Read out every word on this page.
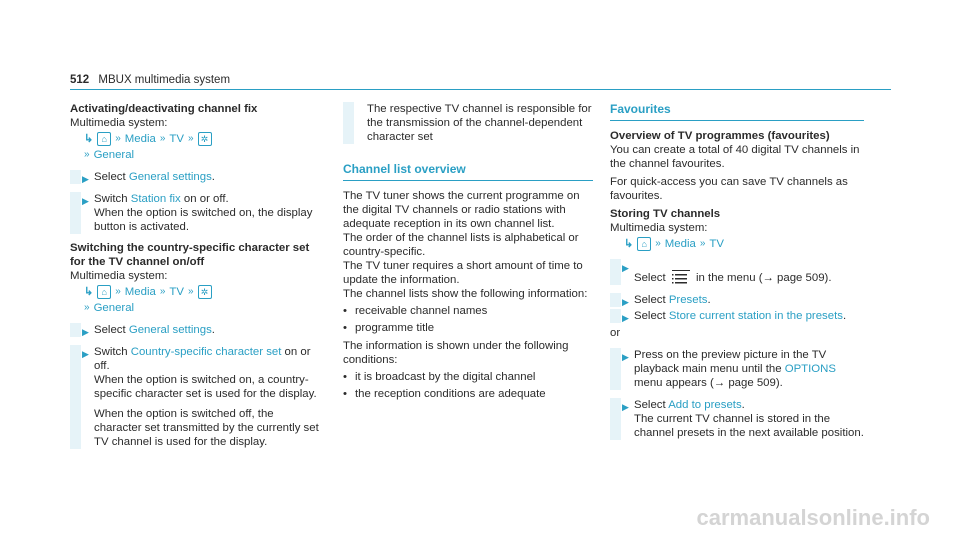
512 MBUX multimedia system
Activating/deactivating channel fix
Multimedia system:
↳ ⌂ » Media » TV »	✲
» General
▶ Select General settings.
▶ Switch Station fix on or off.

When the option is switched on, the display button is activated.

Switching the country-specific character set for the TV channel on/off
Multimedia system:
↳ ⌂ » Media » TV »	✲
» General
▶ Select General settings.
▶ Switch Country-specific character set on or off.

When the option is switched on, a country-specific character set is used for the display.

When the option is switched off, the character set transmitted by the currently set TV channel is used for the display.

The respective TV channel is responsible for the transmission of the channel-dependent character set

Channel list overview

The TV tuner shows the current programme on the digital TV channels or radio stations with adequate reception in its own channel list.

The order of the channel lists is alphabetical or country-specific.

The TV tuner requires a short amount of time to update the information.

The channel lists show the following information:

• receivable channel names
• programme title

The information is shown under the following conditions:

• it is broadcast by the digital channel
• the reception conditions are adequate
Favourites
Overview of TV programmes (favourites)

You can create a total of 40 digital TV channels in the channel favourites.

For quick-access you can save TV channels as favourites.

Storing TV channels
Multimedia system:
↳ ⌂ » Media » TV
▶
Select	in the menu (→ page 509).
▶ Select Presets.
▶ Select Store current station in the presets.
or
▶ Press on the preview picture in the TV playback main menu until the OPTIONS menu appears (→ page 509).
▶ Select Add to presets.

The current TV channel is stored in the channel presets in the next available position.

carmanualsonline.info
